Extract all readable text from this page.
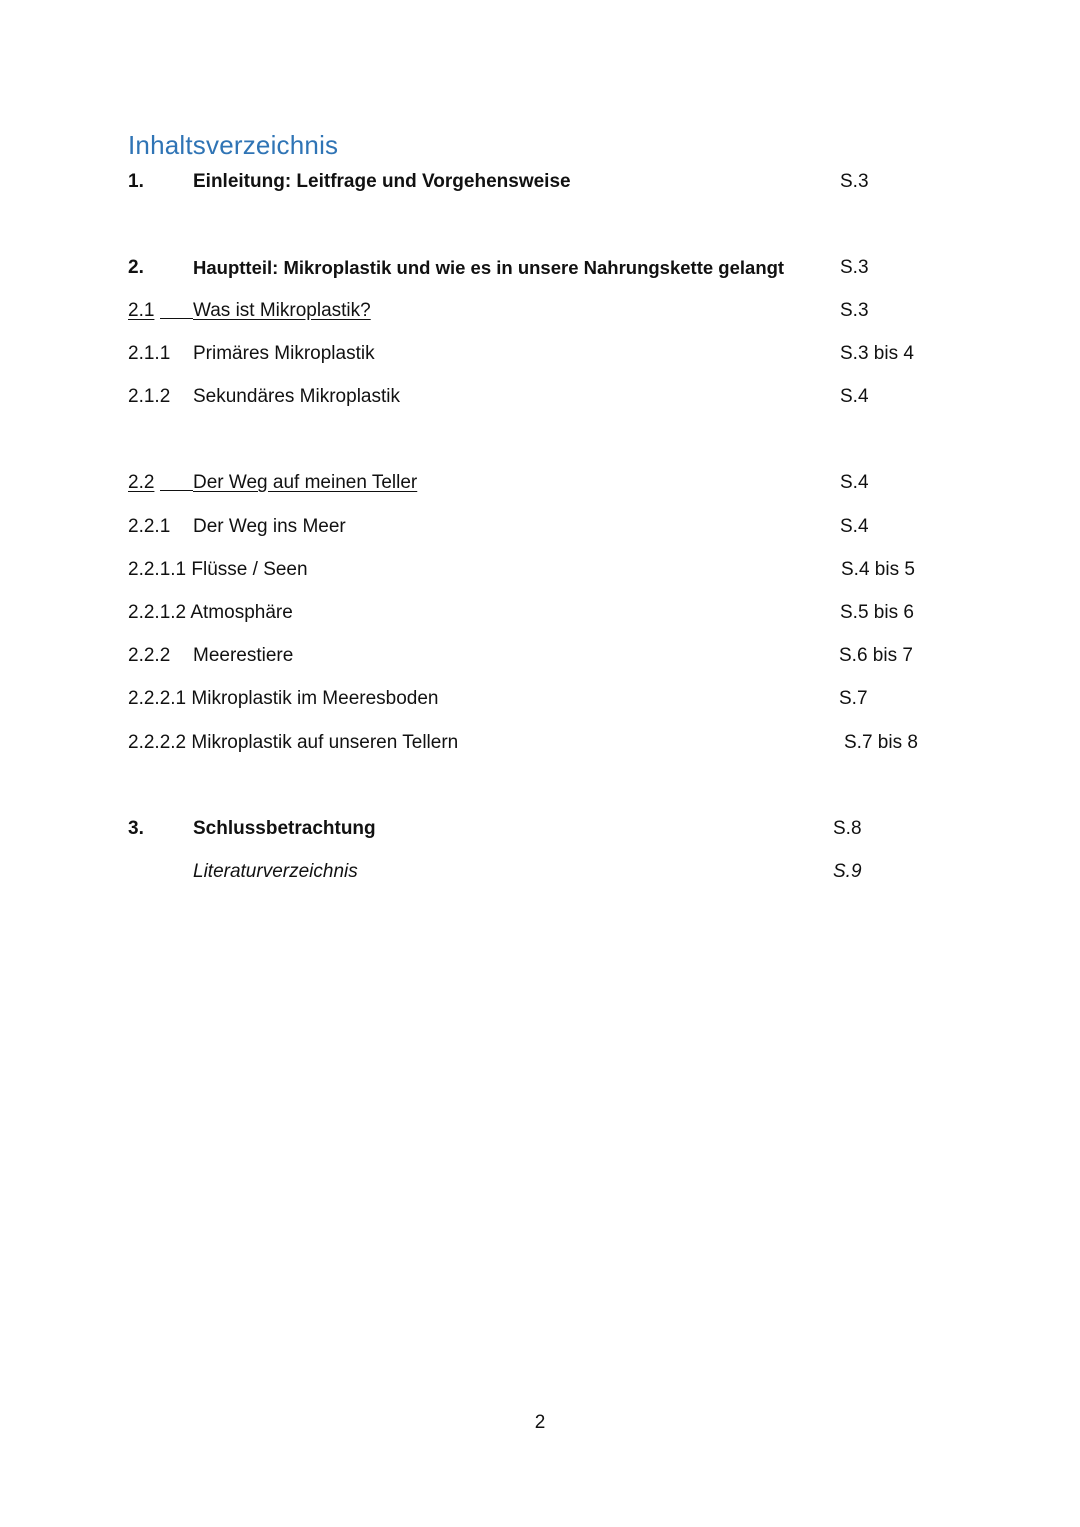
Inhaltsverzeichnis
1.	Einleitung: Leitfrage und Vorgehensweise	S.3
2.	Hauptteil: Mikroplastik und wie es in unsere Nahrungskette gelangt	S.3
2.1 Was ist Mikroplastik?	S.3
2.1.1 Primäres Mikroplastik	S.3 bis 4
2.1.2 Sekundäres Mikroplastik	S.4
2.2 Der Weg auf meinen Teller	S.4
2.2.1 Der Weg ins Meer	S.4
2.2.1.1 Flüsse / Seen	S.4 bis 5
2.2.1.2 Atmosphäre	S.5 bis 6
2.2.2 Meerestiere	S.6 bis 7
2.2.2.1 Mikroplastik im Meeresboden	S.7
2.2.2.2 Mikroplastik auf unseren Tellern	S.7 bis 8
3.	Schlussbetrachtung	S.8
Literaturverzeichnis	S.9
2
